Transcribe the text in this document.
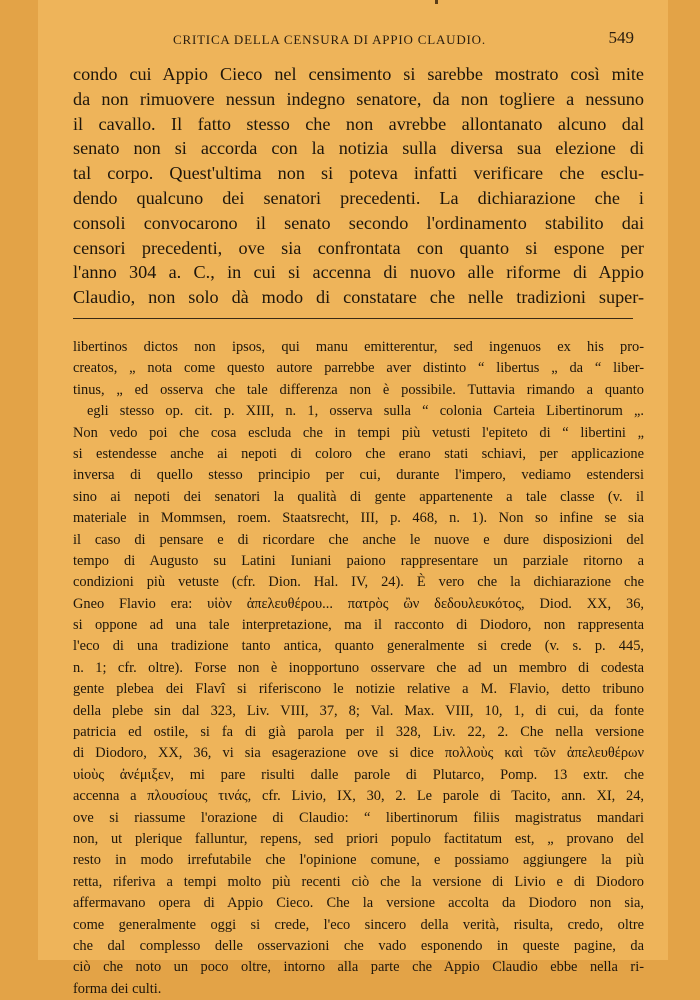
CRITICA DELLA CENSURA DI APPIO CLAUDIO.	549
condo cui Appio Cieco nel censimento si sarebbe mostrato così mite
da non rimuovere nessun indegno senatore, da non togliere a nessuno
il cavallo. Il fatto stesso che non avrebbe allontanato alcuno dal
senato non si accorda con la notizia sulla diversa sua elezione di
tal corpo. Quest'ultima non si poteva infatti verificare che esclu-
dendo qualcuno dei senatori precedenti. La dichiarazione che i
consoli convocarono il senato secondo l'ordinamento stabilito dai
censori precedenti, ove sia confrontata con quanto si espone per
l'anno 304 a. C., in cui si accenna di nuovo alle riforme di Appio
Claudio, non solo dà modo di constatare che nelle tradizioni super-
libertinos dictos non ipsos, qui manu emitterentur, sed ingenuos ex his pro-
creatos, „ nota come questo autore parrebbe aver distinto “ libertus „ da “ liber-
tinus, „ ed osserva che tale differenza non è possibile. Tuttavia rimando a quanto
egli stesso op. cit. p. XIII, n. 1, osserva sulla “ colonia Carteia Libertinorum „.
Non vedo poi che cosa escluda che in tempi più vetusti l'epiteto di “ libertini „
si estendesse anche ai nepoti di coloro che erano stati schiavi, per applicazione
inversa di quello stesso principio per cui, durante l'impero, vediamo estendersi
sino ai nepoti dei senatori la qualità di gente appartenente a tale classe (v. il
materiale in Mommsen, roem. Staatsrecht, III, p. 468, n. 1). Non so infine se sia
il caso di pensare e di ricordare che anche le nuove e dure disposizioni del
tempo di Augusto su Latini Iuniani paiono rappresentare un parziale ritorno a
condizioni più vetuste (cfr. Dion. Hal. IV, 24). È vero che la dichiarazione che
Gneo Flavio era: υἱὸν ἀπελευθέρου... πατρὸς ὢν δεδουλευκότος, Diod. XX, 36,
si oppone ad una tale interpretazione, ma il racconto di Diodoro, non rappresenta
l'eco di una tradizione tanto antica, quanto generalmente si crede (v. s. p. 445,
n. 1; cfr. oltre). Forse non è inopportuno osservare che ad un membro di codesta
gente plebea dei Flavî si riferiscono le notizie relative a M. Flavio, detto tribuno
della plebe sin dal 323, Liv. VIII, 37, 8; Val. Max. VIII, 10, 1, di cui, da fonte
patricia ed ostile, si fa di già parola per il 328, Liv. 22, 2. Che nella versione
di Diodoro, XX, 36, vi sia esagerazione ove si dice πολλοὺς καὶ τῶν ἀπελευθέρων
υἱοὺς ἀνέμιξεν, mi pare risulti dalle parole di Plutarco, Pomp. 13 extr. che
accenna a πλουσίους τινάς, cfr. Livio, IX, 30, 2. Le parole di Tacito, ann. XI, 24,
ove si riassume l'orazione di Claudio: “ libertinorum filiis magistratus mandari
non, ut plerique falluntur, repens, sed priori populo factitatum est, „ provano del
resto in modo irrefutabile che l'opinione comune, e possiamo aggiungere la più
retta, riferiva a tempi molto più recenti ciò che la versione di Livio e di Diodoro
affermavano opera di Appio Cieco. Che la versione accolta da Diodoro non sia,
come generalmente oggi si crede, l'eco sincero della verità, risulta, credo, oltre
che dal complesso delle osservazioni che vado esponendo in queste pagine, da
ciò che noto un poco oltre, intorno alla parte che Appio Claudio ebbe nella ri-
forma dei culti.
